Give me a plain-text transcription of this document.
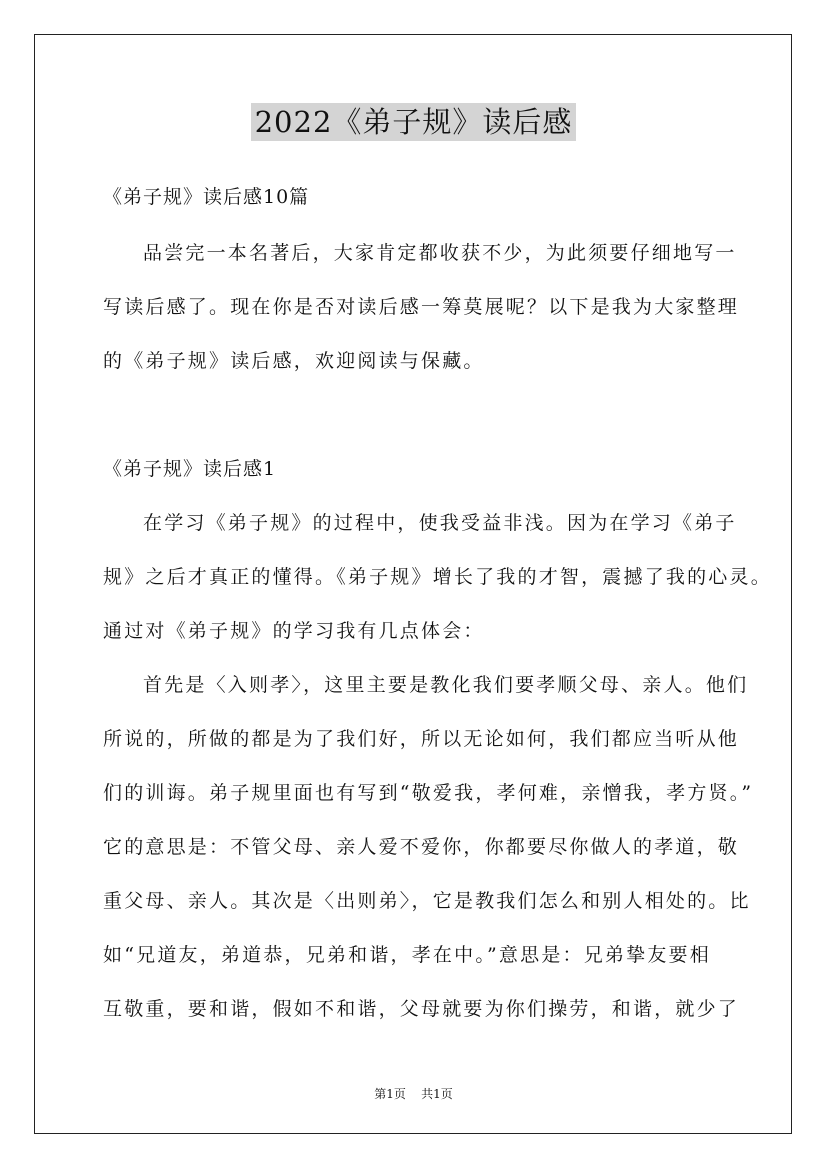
2022《弟子规》读后感
《弟子规》读后感10篇
品尝完一本名著后，大家肯定都收获不少，为此须要仔细地写一
写读后感了。现在你是否对读后感一筹莫展呢？以下是我为大家整理
的《弟子规》读后感，欢迎阅读与保藏。
《弟子规》读后感1
在学习《弟子规》的过程中，使我受益非浅。因为在学习《弟子
规》之后才真正的懂得。《弟子规》增长了我的才智，震撼了我的心灵。
通过对《弟子规》的学习我有几点体会：
首先是〈入则孝〉，这里主要是教化我们要孝顺父母、亲人。他们
所说的，所做的都是为了我们好，所以无论如何，我们都应当听从他
们的训诲。弟子规里面也有写到“敬爱我，孝何难，亲憎我，孝方贤。”
它的意思是：不管父母、亲人爱不爱你，你都要尽你做人的孝道，敬
重父母、亲人。其次是〈出则弟〉，它是教我们怎么和别人相处的。比
如“兄道友，弟道恭，兄弟和谐，孝在中。”意思是：兄弟挚友要相
互敬重，要和谐，假如不和谐，父母就要为你们操劳，和谐，就少了
第1页 共1页
